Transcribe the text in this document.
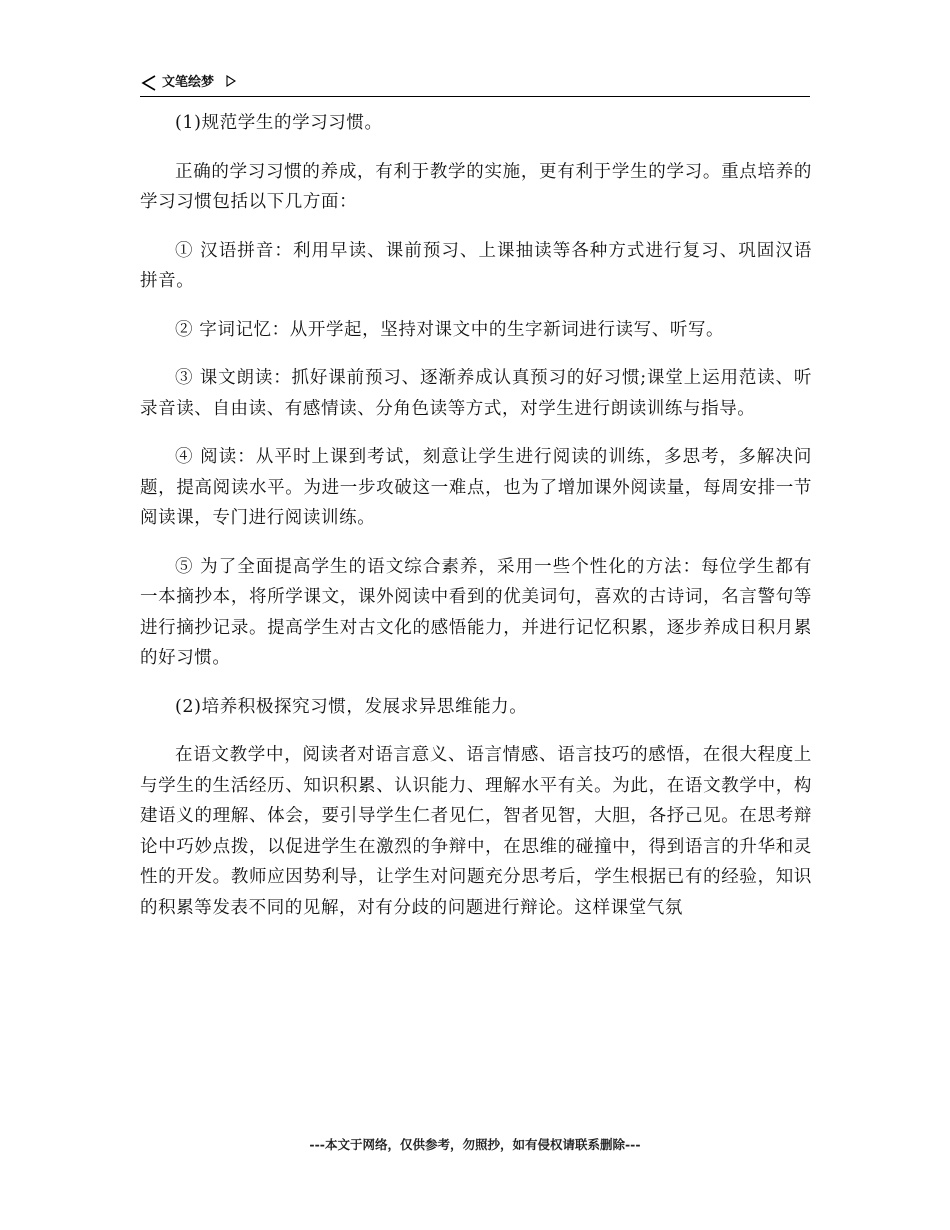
文笔绘梦

(1)规范学生的学习习惯。

正确的学习习惯的养成，有利于教学的实施，更有利于学生的学习。重点培养的学习习惯包括以下几方面：

① 汉语拼音：利用早读、课前预习、上课抽读等各种方式进行复习、巩固汉语拼音。

② 字词记忆：从开学起，坚持对课文中的生字新词进行读写、听写。

③ 课文朗读：抓好课前预习、逐渐养成认真预习的好习惯;课堂上运用范读、听录音读、自由读、有感情读、分角色读等方式，对学生进行朗读训练与指导。

④ 阅读：从平时上课到考试，刻意让学生进行阅读的训练，多思考，多解决问题，提高阅读水平。为进一步攻破这一难点，也为了增加课外阅读量，每周安排一节阅读课，专门进行阅读训练。

⑤ 为了全面提高学生的语文综合素养，采用一些个性化的方法：每位学生都有一本摘抄本，将所学课文，课外阅读中看到的优美词句，喜欢的古诗词，名言警句等进行摘抄记录。提高学生对古文化的感悟能力，并进行记忆积累，逐步养成日积月累的好习惯。

(2)培养积极探究习惯，发展求异思维能力。

在语文教学中，阅读者对语言意义、语言情感、语言技巧的感悟，在很大程度上与学生的生活经历、知识积累、认识能力、理解水平有关。为此，在语文教学中，构建语义的理解、体会，要引导学生仁者见仁，智者见智，大胆，各抒己见。在思考辩论中巧妙点拨，以促进学生在激烈的争辩中，在思维的碰撞中，得到语言的升华和灵性的开发。教师应因势利导，让学生对问题充分思考后，学生根据已有的经验，知识的积累等发表不同的见解，对有分歧的问题进行辩论。这样课堂气氛

---本文于网络，仅供参考，勿照抄，如有侵权请联系删除---
